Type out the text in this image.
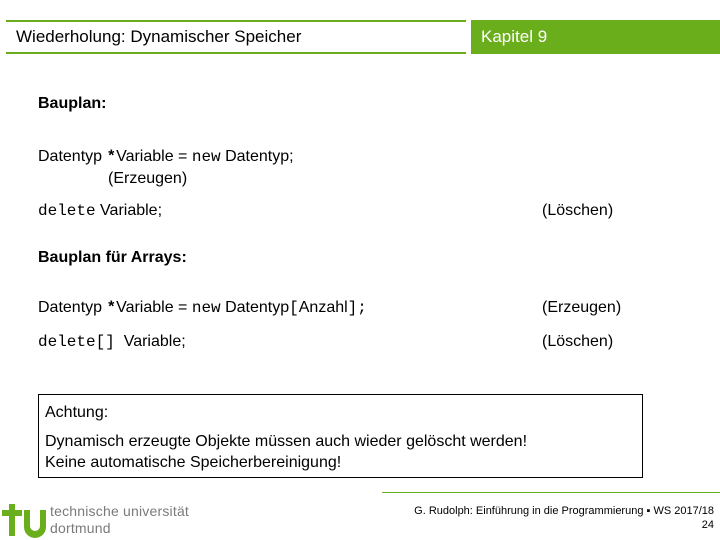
Wiederholung: Dynamischer Speicher	Kapitel 9
Bauplan:
Datentyp *Variable = new Datentyp;
(Erzeugen)
delete Variable;	(Löschen)
Bauplan für Arrays:
Datentyp *Variable = new Datentyp[Anzahl];	(Erzeugen)
delete[]  Variable;	(Löschen)
Achtung:
Dynamisch erzeugte Objekte müssen auch wieder gelöscht werden!
Keine automatische Speicherbereinigung!
technische universität
dortmund
G. Rudolph: Einführung in die Programmierung ▪ WS 2017/18
24
